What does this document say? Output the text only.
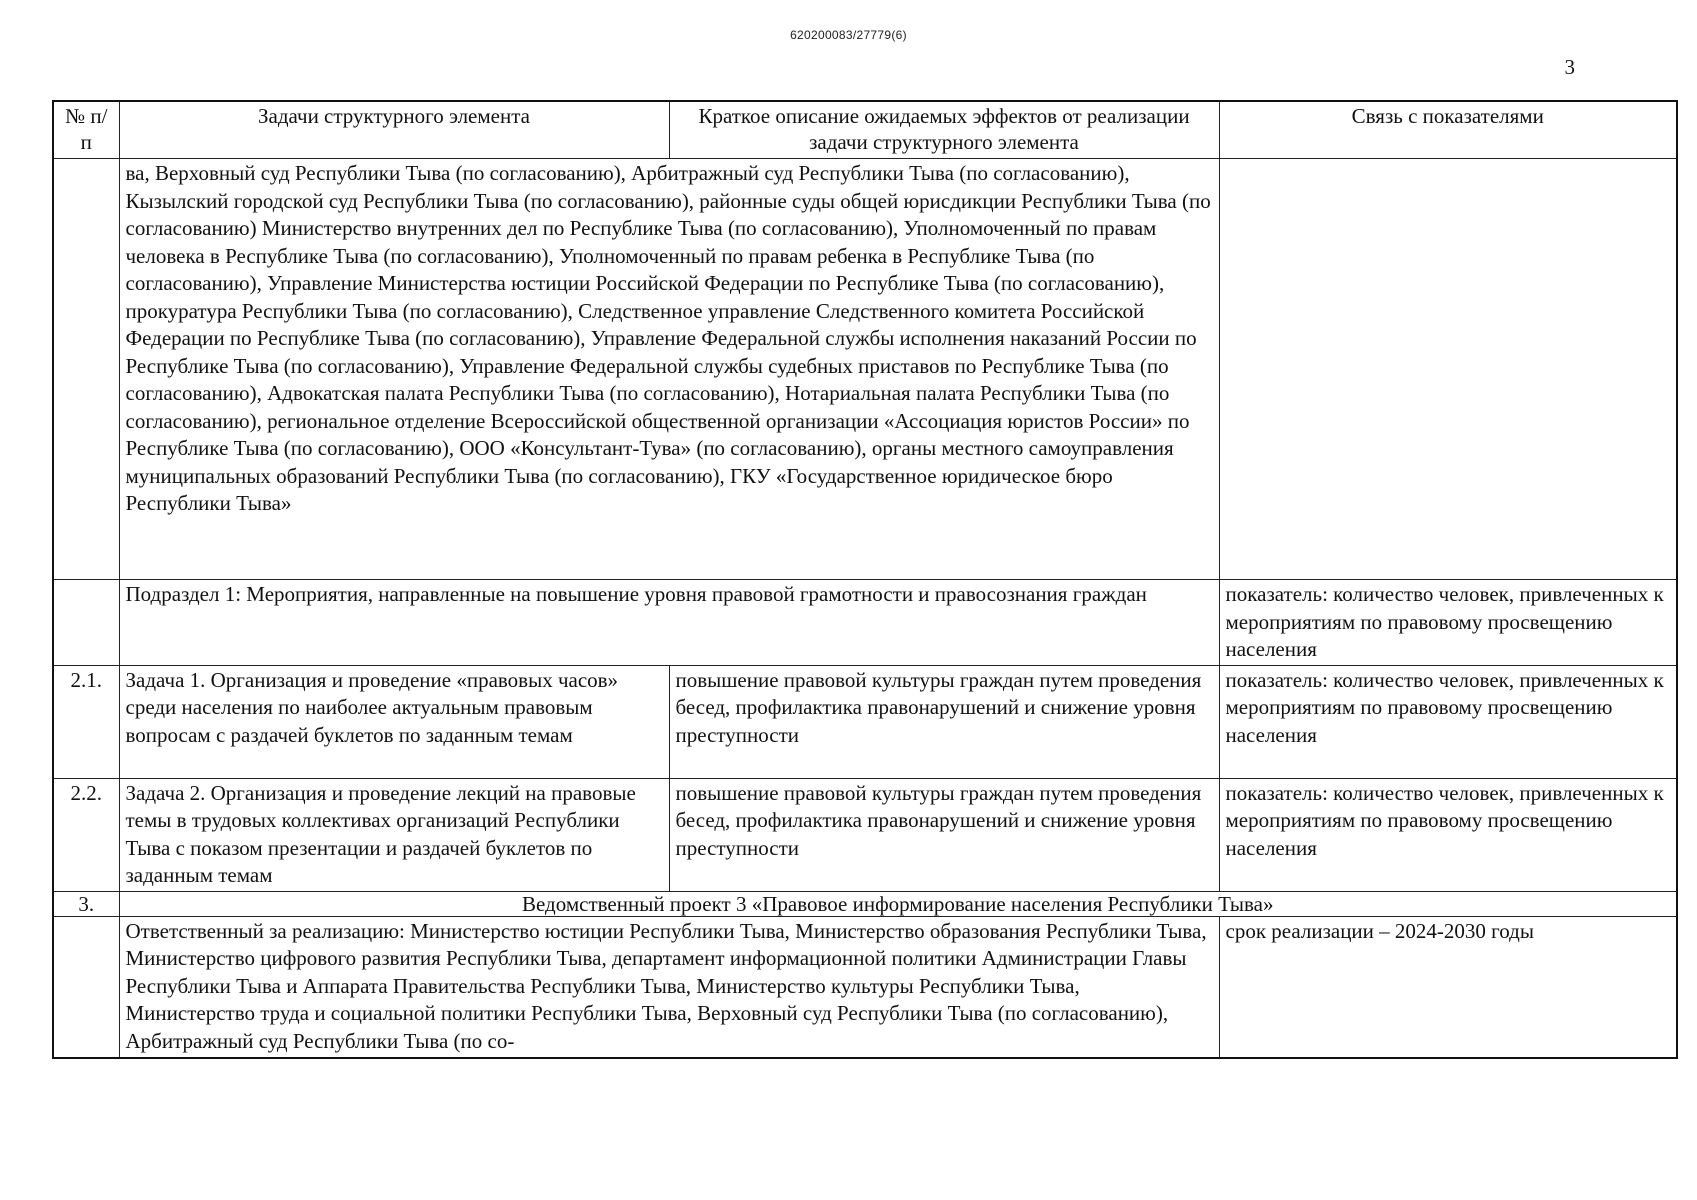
620200083/27779(6)
3
№ п/п	Задачи структурного элемента	Краткое описание ожидаемых эффектов от реализации задачи структурного элемента	Связь с показателями
	ва, Верховный суд Республики Тыва (по согласованию), Арбитражный суд Республики Тыва (по согласованию), Кызылский городской суд Республики Тыва (по согласованию), районные суды общей юрисдикции Республики Тыва (по согласованию) Министерство внутренних дел по Республике Тыва (по согласованию), Уполномоченный по правам человека в Республике Тыва (по согласованию), Уполномоченный по правам ребенка в Республике Тыва (по согласованию), Управление Министерства юстиции Российской Федерации по Республике Тыва (по согласованию), прокуратура Республики Тыва (по согласованию), Следственное управление Следственного комитета Российской Федерации по Республике Тыва (по согласованию), Управление Федеральной службы исполнения наказаний России по Республике Тыва (по согласованию), Управление Федеральной службы судебных приставов по Республике Тыва (по согласованию), Адвокатская палата Республики Тыва (по согласованию), Нотариальная палата Республики Тыва (по согласованию), региональное отделение Всероссийской общественной организации «Ассоциация юристов России» по Республике Тыва (по согласованию), ООО «Консультант-Тува» (по согласованию), органы местного самоуправления муниципальных образований Республики Тыва (по согласованию), ГКУ «Государственное юридическое бюро Республики Тыва»		
	Подраздел 1: Мероприятия, направленные на повышение уровня правовой грамотности и правосознания граждан		показатель: количество человек, привлеченных к мероприятиям по правовому просвещению населения
2.1.	Задача 1. Организация и проведение «правовых часов» среди населения по наиболее актуальным правовым вопросам с раздачей буклетов по заданным темам	повышение правовой культуры граждан путем проведения бесед, профилактика правонарушений и снижение уровня преступности	показатель: количество человек, привлеченных к мероприятиям по правовому просвещению населения
2.2.	Задача 2. Организация и проведение лекций на правовые темы в трудовых коллективах организаций Республики Тыва с показом презентации и раздачей буклетов по заданным темам	повышение правовой культуры граждан путем проведения бесед, профилактика правонарушений и снижение уровня преступности	показатель: количество человек, привлеченных к мероприятиям по правовому просвещению населения
3.	Ведомственный проект 3 «Правовое информирование населения Республики Тыва»		
	Ответственный за реализацию: Министерство юстиции Республики Тыва, Министерство образования Республики Тыва, Министерство цифрового развития Республики Тыва, департамент информационной политики Администрации Главы Республики Тыва и Аппарата Правительства Республики Тыва, Министерство культуры Республики Тыва, Министерство труда и социальной политики Республики Тыва, Верховный суд Республики Тыва (по согласованию), Арбитражный суд Республики Тыва (по со-		срок реализации – 2024-2030 годы
